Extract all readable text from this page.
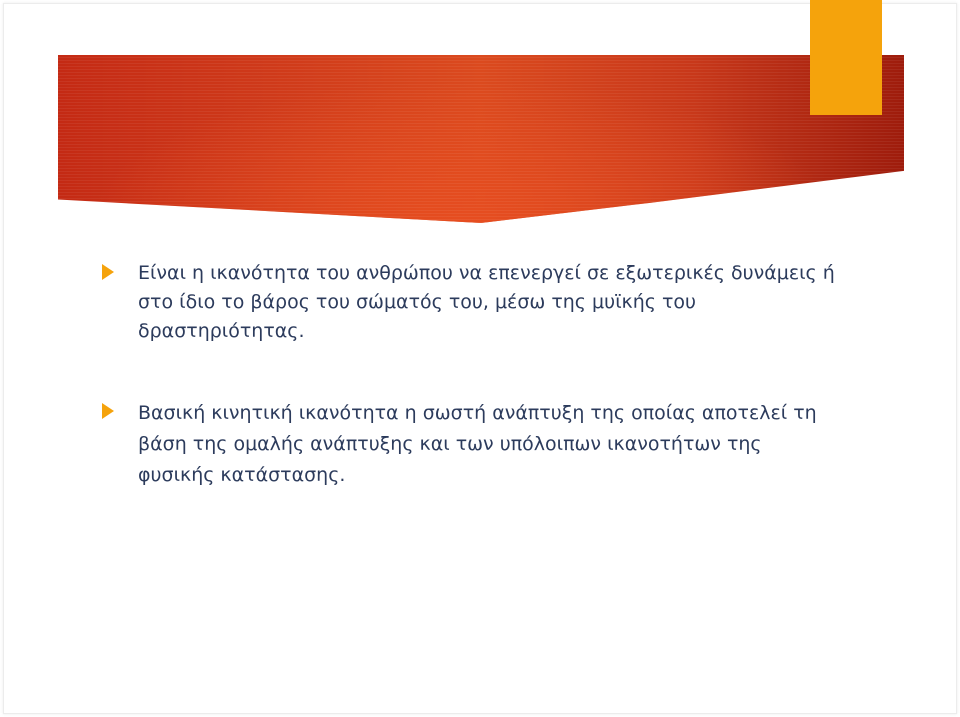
Είναι η ικανότητα του ανθρώπου να επενεργεί σε εξωτερικές δυνάμεις ή στο ίδιο το βάρος του σώματός του, μέσω της μυϊκής του δραστηριότητας.
Βασική κινητική ικανότητα η σωστή ανάπτυξη της οποίας αποτελεί τη βάση της ομαλής ανάπτυξης και των υπόλοιπων ικανοτήτων της φυσικής κατάστασης.
